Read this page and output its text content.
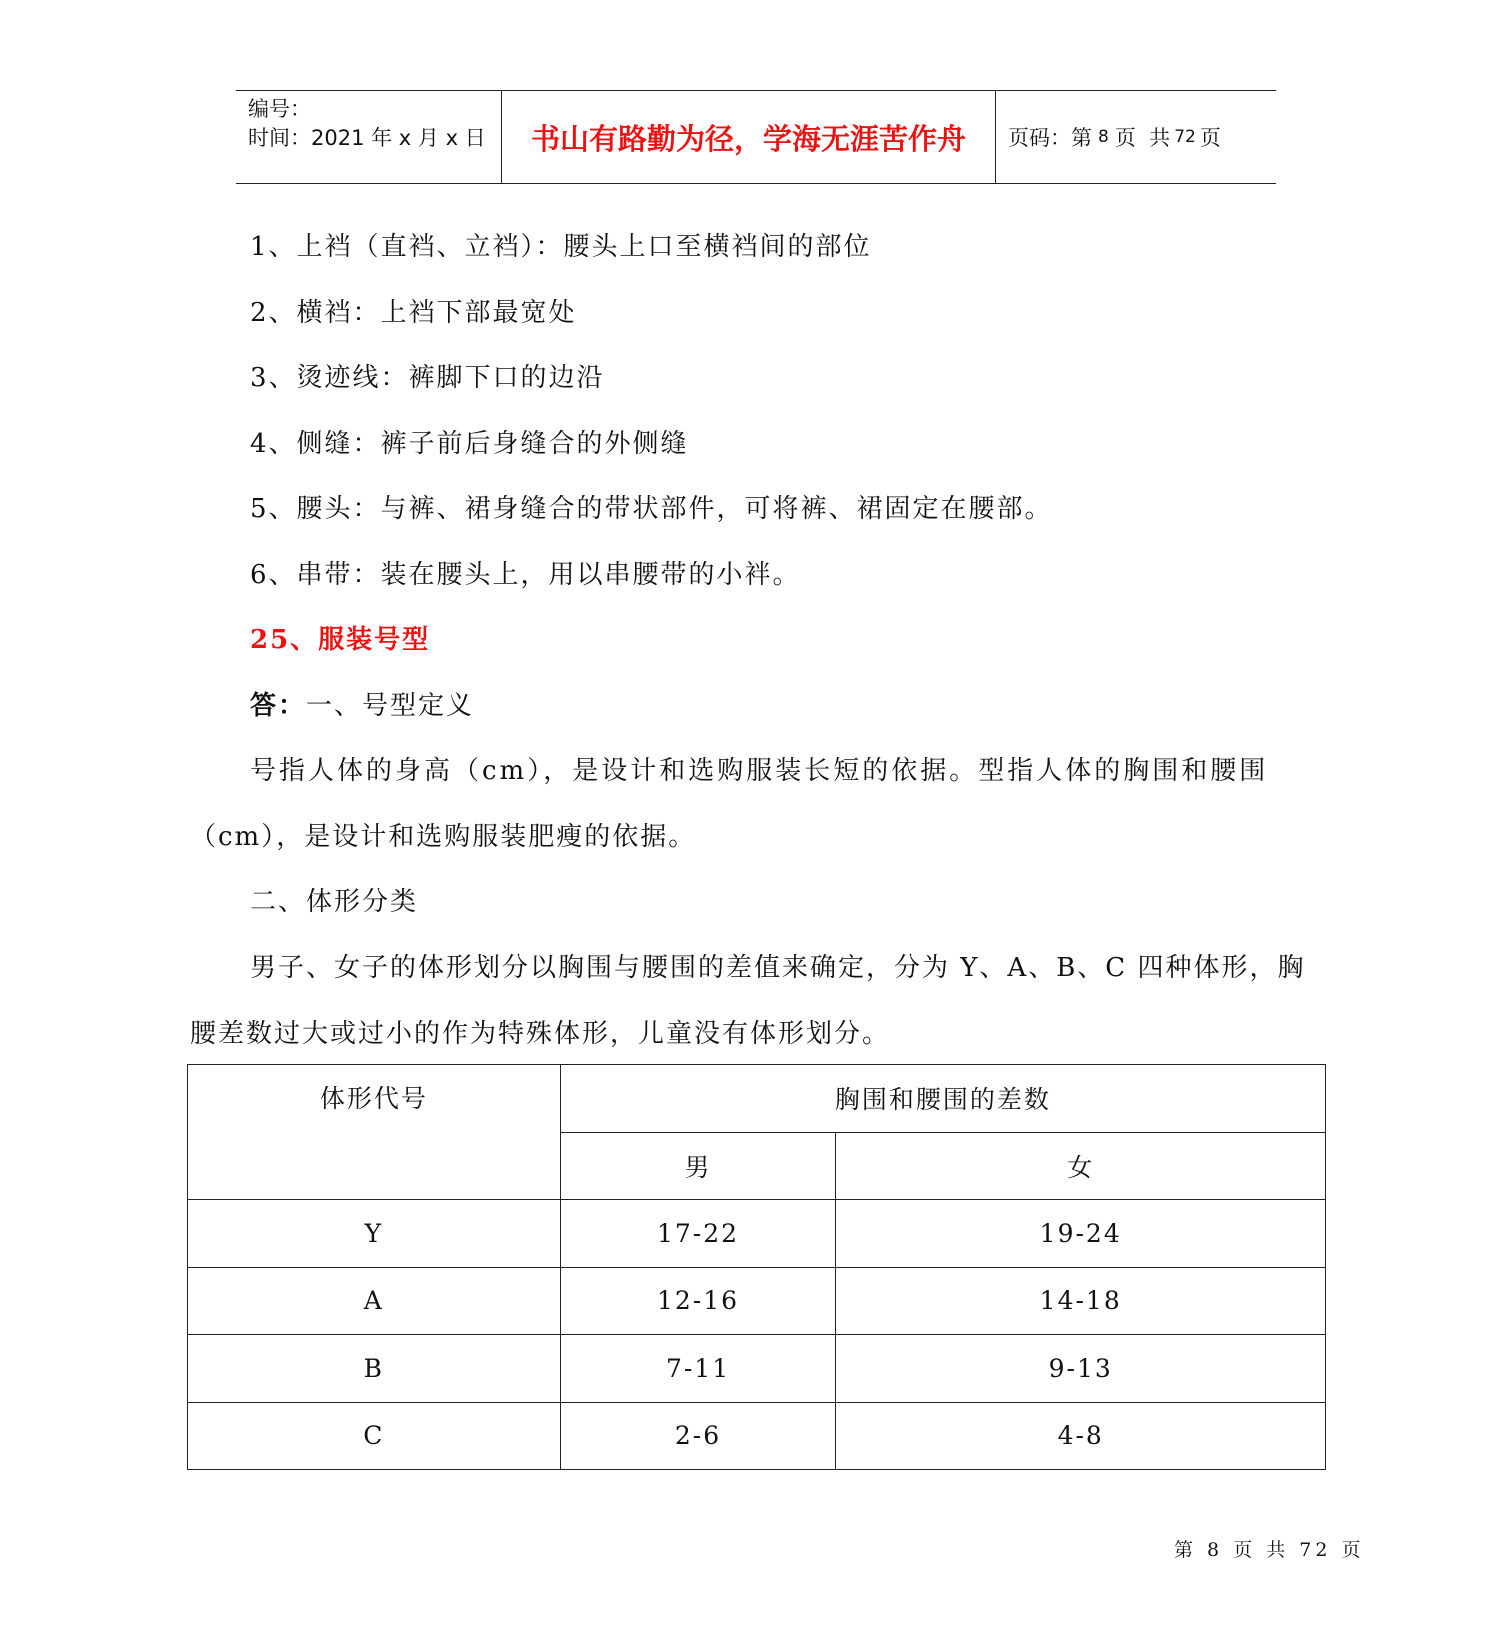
编号：
时间：2021 年 x 月 x 日	书山有路勤为径，学海无涯苦作舟	页码：第 8 页  共 72 页
1、上裆（直裆、立裆）：腰头上口至横裆间的部位
2、横裆：上裆下部最宽处
3、烫迹线：裤脚下口的边沿
4、侧缝：裤子前后身缝合的外侧缝
5、腰头：与裤、裙身缝合的带状部件，可将裤、裙固定在腰部。
6、串带：装在腰头上，用以串腰带的小袢。
25、服装号型
答：一、号型定义
号指人体的身高（cm），是设计和选购服装长短的依据。型指人体的胸围和腰围
（cm），是设计和选购服装肥瘦的依据。
二、体形分类
男子、女子的体形划分以胸围与腰围的差值来确定，分为 Y、A、B、C 四种体形，胸
腰差数过大或过小的作为特殊体形，儿童没有体形划分。
体形代号	胸围和腰围的差数	
	男	女
Y	17-22	19-24
A	12-16	14-18
B	7-11	9-13
C	2-6	4-8
第 8 页 共 72 页
